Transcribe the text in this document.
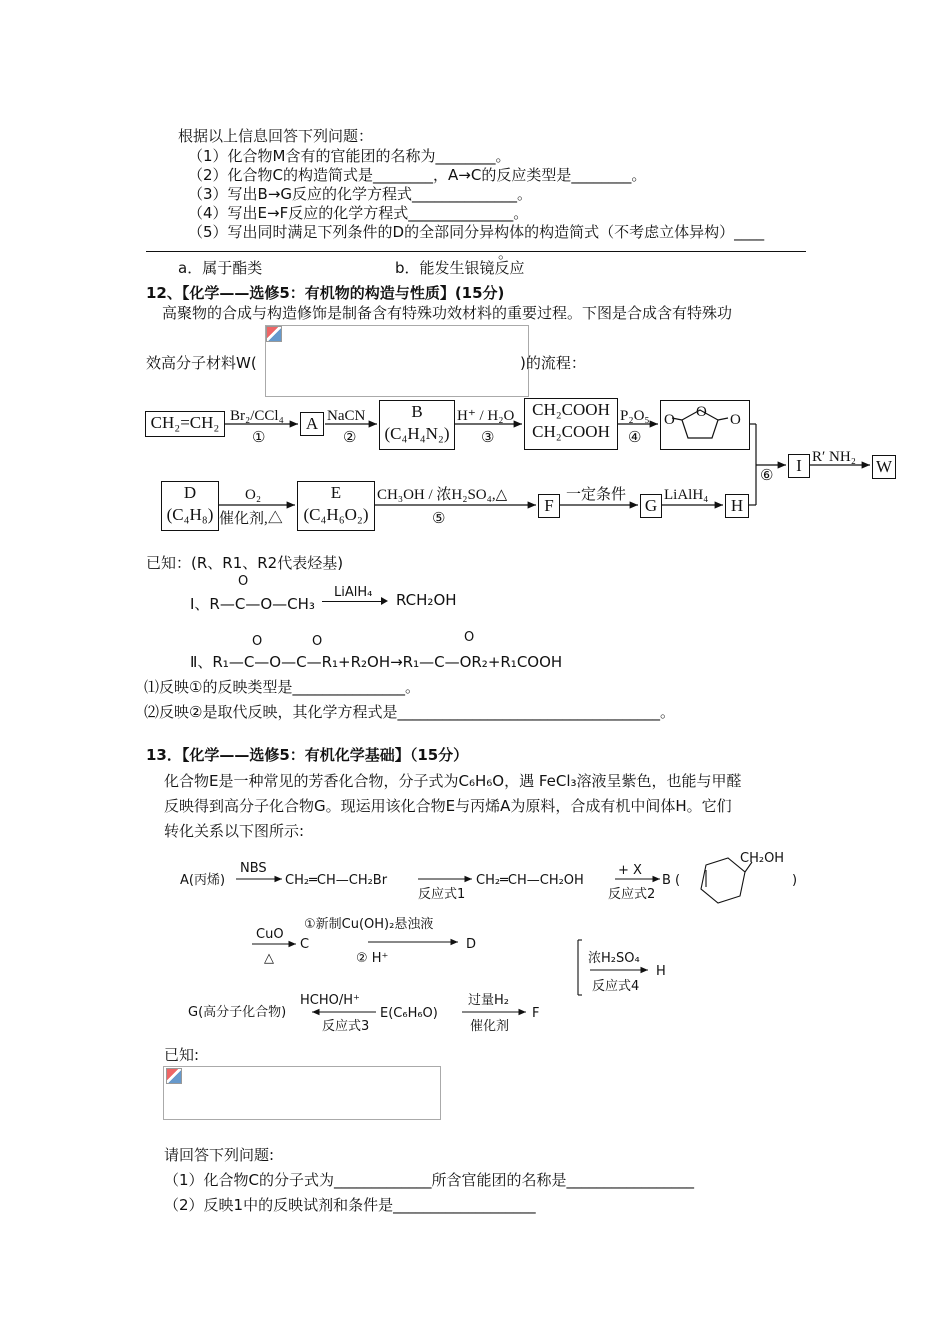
根据以上信息回答下列问题：
（1）化合物M含有的官能团的名称为________。
（2）化合物C的构造简式是________，A→C的反应类型是________。
（3）写出B→G反应的化学方程式______________。
（4）写出E→F反应的化学方程式______________。
（5）写出同时满足下列条件的D的全部同分异构体的构造简式（不考虑立体异构）____
。
a．属于酯类	b．能发生银镜反应
12、【化学——选修5：有机物的构造与性质】(15分)
高聚物的合成与构造修饰是制备含有特殊功效材料的重要过程。下图是合成含有特殊功
效高分子材料W(	)的流程：
CH₂=CH₂	A
B
(C₄H₄N₂)
CH₂COOH
CH₂COOH
I	W
D
(C₄H₈)
E
(C₄H₆O₂)	F	G	H
Br₂/CCl₄
①
NaCN
②
H⁺ / H₂O
③
P₂O₅
④
O
O	O
⑥
R′ NH₂
O₂
催化剂,△
CH₃OH / 浓H₂SO₄,△
⑤
一定条件	LiAlH₄
已知：(R、R1、R2代表烃基)
O
Ⅰ、R—C—O—CH₃
LiAlH₄ RCH₂OH
O	O	O
Ⅱ、R₁—C—O—C—R₁+R₂OH→R₁—C—OR₂+R₁COOH
⑴反映①的反映类型是_______________。
⑵反映②是取代反映，其化学方程式是___________________________________。
13．【化学——选修5：有机化学基础】（15分）
化合物E是一种常见的芳香化合物，分子式为C₆H₆O，遇 FeCl₃溶液呈紫色，也能与甲醛
反映得到高分子化合物G。现运用该化合物E与丙烯A为原料，合成有机中间体H。它们
转化关系以下图所示:
A(丙烯)
NBS
CH₂═CH—CH₂Br
反应式1
CH₂═CH—CH₂OH
+ X
反应式2
B (
CH₂OH
)
CuO
△
C
①新制Cu(OH)₂悬浊液
② H⁺
D
浓H₂SO₄
反应式4
H
G(高分子化合物)
HCHO/H⁺
反应式3
E(C₆H₆O)
过量H₂
催化剂
F
已知:
请回答下列问题:
（1）化合物C的分子式为_____________所含官能团的名称是_________________
（2）反映1中的反映试剂和条件是___________________
